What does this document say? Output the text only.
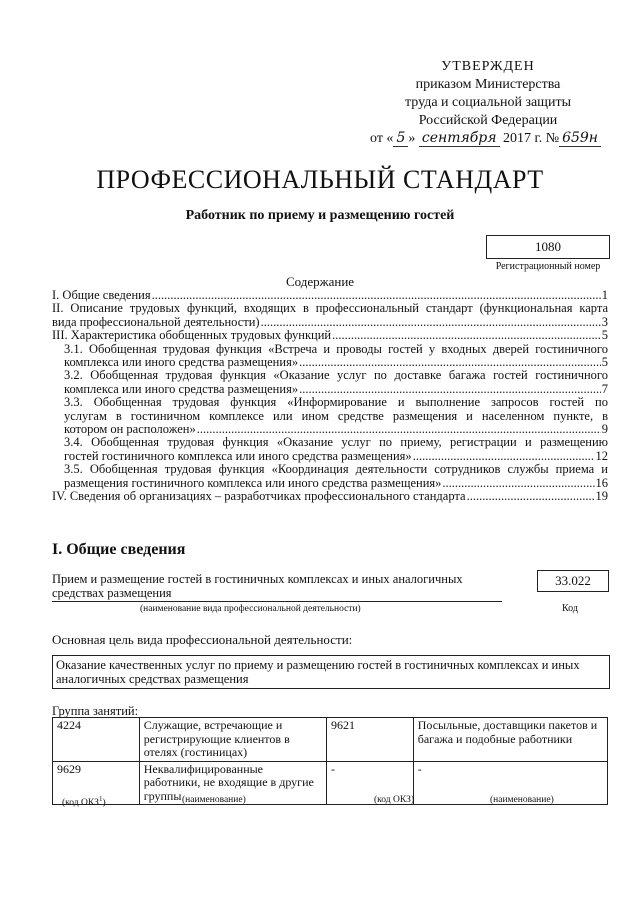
УТВЕРЖДЕН
приказом Министерства
труда и социальной защиты
Российской Федерации
от « 5 » сентября 2017 г. № 659н
ПРОФЕССИОНАЛЬНЫЙ СТАНДАРТ
Работник по приему и размещению гостей
1080
Регистрационный номер
Содержание
I. Общие сведения .....	1
II. Описание трудовых функций, входящих в профессиональный стандарт (функциональная карта
вида профессиональной деятельности) .....	3
III. Характеристика обобщенных трудовых функций .....	5
3.1. Обобщенная трудовая функция «Встреча и проводы гостей у входных дверей гостиничного
комплекса или иного средства размещения» .....	5
3.2. Обобщенная трудовая функция «Оказание услуг по доставке багажа гостей гостиничного
комплекса или иного средства размещения» .....	7
3.3. Обобщенная трудовая функция «Информирование и выполнение запросов гостей по
услугам в гостиничном комплексе или ином средстве размещения и населенном пункте, в
котором он расположен» .....	9
3.4. Обобщенная трудовая функция «Оказание услуг по приему, регистрации и размещению
гостей гостиничного комплекса или иного средства размещения» .....	12
3.5. Обобщенная трудовая функция «Координация деятельности сотрудников службы приема и
размещения гостиничного комплекса или иного средства размещения» .....	16
IV. Сведения об организациях – разработчиках профессионального стандарта .....	19
I. Общие сведения
Прием и размещение гостей в гостиничных комплексах и иных аналогичных
средствах размещения
33.022
(наименование вида профессиональной деятельности)	Код
Основная цель вида профессиональной деятельности:
Оказание качественных услуг по приему и размещению гостей в гостиничных комплексах и иных аналогичных средствах размещения
Группа занятий:
4224	Служащие, встречающие и регистрирующие клиентов в отелях (гостиницах)	9621	Посыльные, доставщики пакетов и багажа и подобные работники
9629	Неквалифицированные работники, не входящие в другие группы	-	-
(код ОКЗ$^1$)	(наименование)	(код ОКЗ)	(наименование)
